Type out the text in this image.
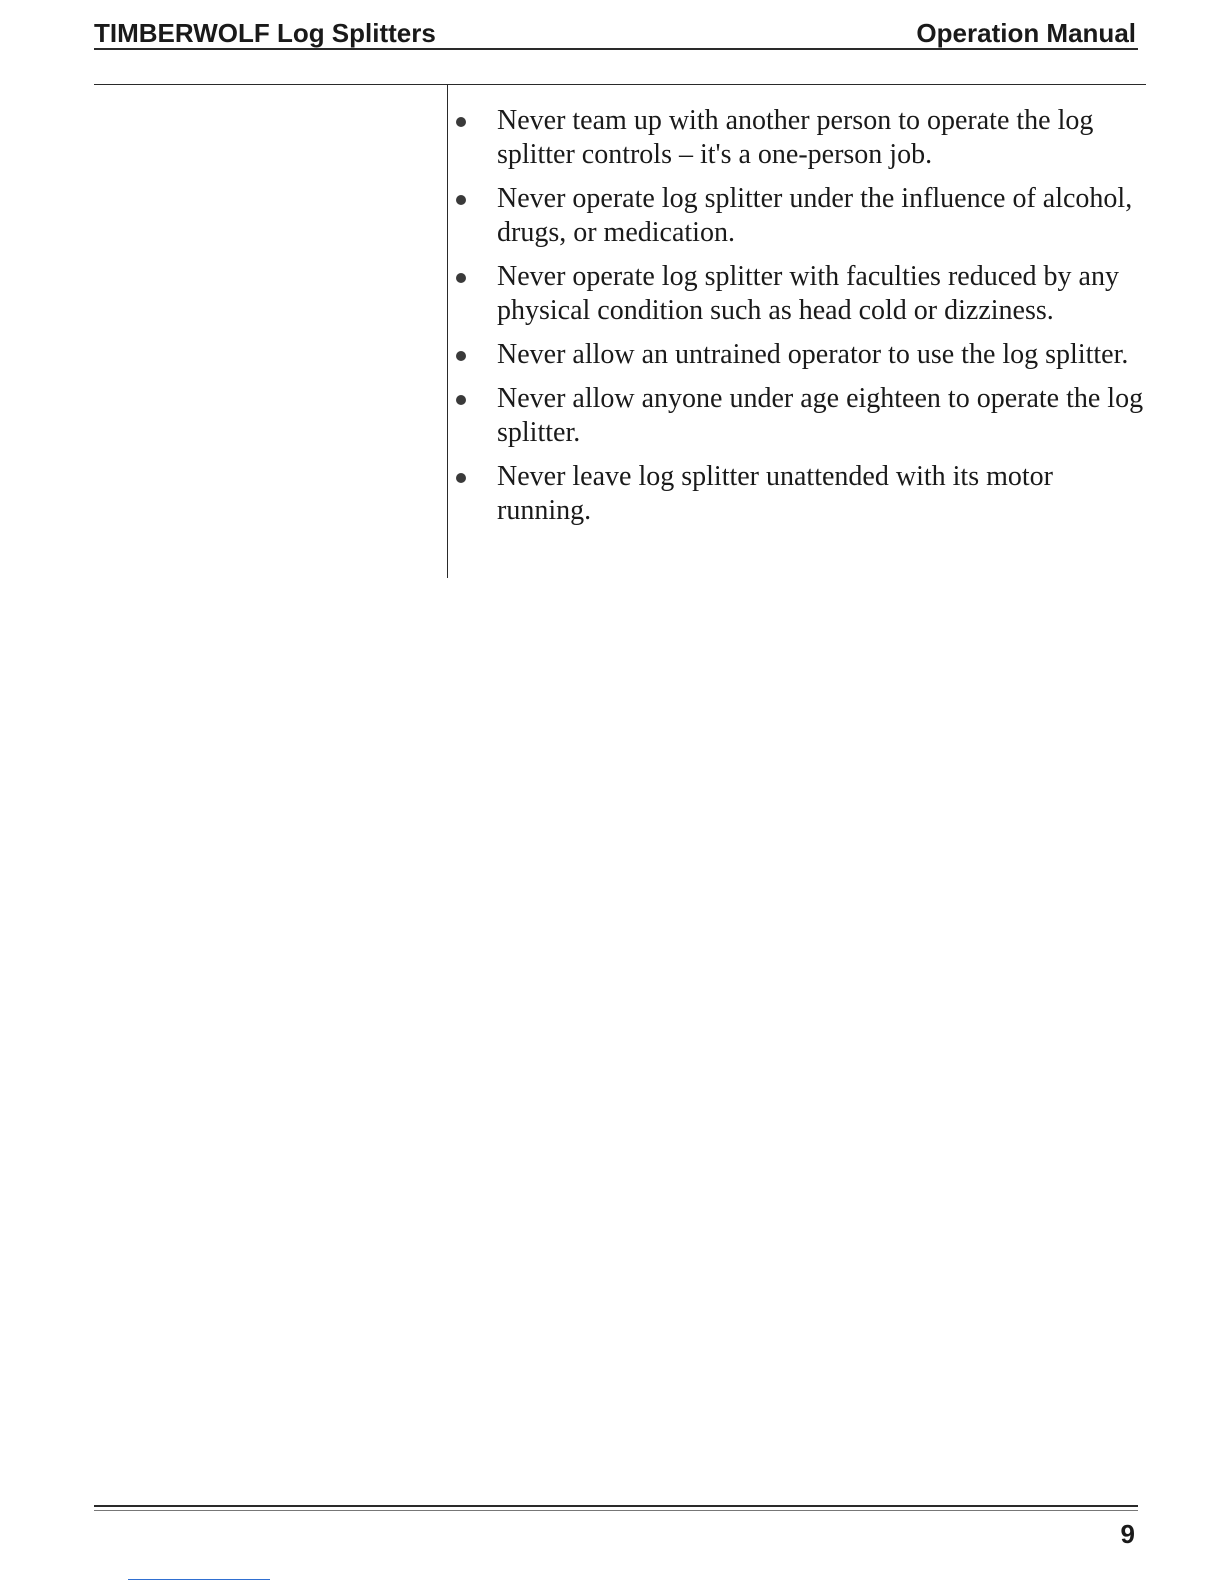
TIMBERWOLF Log Splitters	Operation Manual
Never team up with another person to operate the log splitter controls – it's a one-person job.
Never operate log splitter under the influence of alcohol, drugs, or medication.
Never operate log splitter with faculties reduced by any physical condition such as head cold or dizziness.
Never allow an untrained operator to use the log splitter.
Never allow anyone under age eighteen to operate the log splitter.
Never leave log splitter unattended with its motor running.
9
